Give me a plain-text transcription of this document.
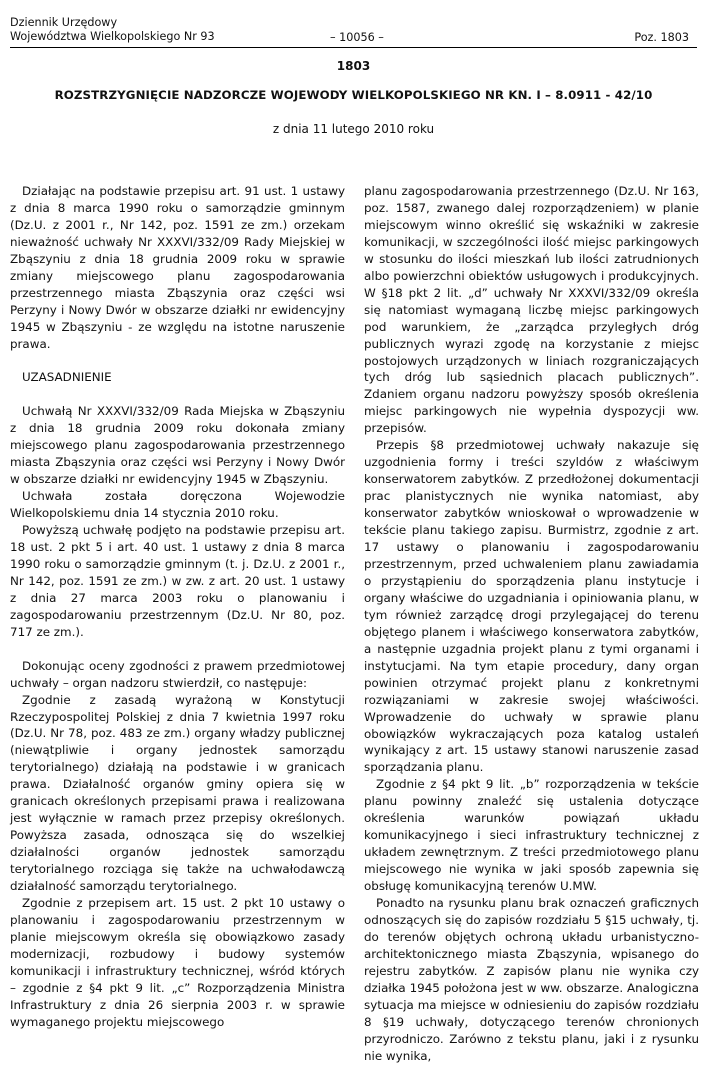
Dziennik Urzędowy
Województwa Wielkopolskiego Nr 93	– 10056 –	Poz. 1803
1803
ROZSTRZYGNIĘCIE NADZORCZE WOJEWODY WIELKOPOLSKIEGO NR KN. I – 8.0911 - 42/10
z dnia 11 lutego 2010 roku

Działając na podstawie przepisu art. 91 ust. 1 ustawy z dnia 8 marca 1990 roku o samorządzie gminnym (Dz.U. z 2001 r., Nr 142, poz. 1591 ze zm.) orzekam nieważność uchwały Nr XXXVI/332/09 Rady Miejskiej w Zbąszyniu z dnia 18 grudnia 2009 roku w sprawie zmiany miejscowego planu zagospodarowania przestrzennego miasta Zbąszynia oraz części wsi Perzyny i Nowy Dwór w obszarze działki nr ewidencyjny 1945 w Zbąszyniu - ze względu na istotne naruszenie prawa.

UZASADNIENIE

Uchwałą Nr XXXVI/332/09 Rada Miejska w Zbąszyniu z dnia 18 grudnia 2009 roku dokonała zmiany miejscowego planu zagospodarowania przestrzennego miasta Zbąszynia oraz części wsi Perzyny i Nowy Dwór w obszarze działki nr ewidencyjny 1945 w Zbąszyniu.

Uchwała została doręczona Wojewodzie Wielkopolskiemu dnia 14 stycznia 2010 roku.

Powyższą uchwałę podjęto na podstawie przepisu art. 18 ust. 2 pkt 5 i art. 40 ust. 1 ustawy z dnia 8 marca 1990 roku o samorządzie gminnym (t. j. Dz.U. z 2001 r., Nr 142, poz. 1591 ze zm.) w zw. z art. 20 ust. 1 ustawy z dnia 27 marca 2003 roku o planowaniu i zagospodarowaniu przestrzennym (Dz.U. Nr 80, poz. 717 ze zm.).

Dokonując oceny zgodności z prawem przedmiotowej uchwały – organ nadzoru stwierdził, co następuje:

Zgodnie z zasadą wyrażoną w Konstytucji Rzeczypospolitej Polskiej z dnia 7 kwietnia 1997 roku (Dz.U. Nr 78, poz. 483 ze zm.) organy władzy publicznej (niewątpliwie i organy jednostek samorządu terytorialnego) działają na podstawie i w granicach prawa. Działalność organów gminy opiera się w granicach określonych przepisami prawa i realizowana jest wyłącznie w ramach przez przepisy określonych. Powyższa zasada, odnosząca się do wszelkiej działalności organów jednostek samorządu terytorialnego rozciąga się także na uchwałodawczą działalność samorządu terytorialnego.

Zgodnie z przepisem art. 15 ust. 2 pkt 10 ustawy o planowaniu i zagospodarowaniu przestrzennym w planie miejscowym określa się obowiązkowo zasady modernizacji, rozbudowy i budowy systemów komunikacji i infrastruktury technicznej, wśród których – zgodnie z §4 pkt 9 lit. „c” Rozporządzenia Ministra Infrastruktury z dnia 26 sierpnia 2003 r. w sprawie wymaganego projektu miejscowego

planu zagospodarowania przestrzennego (Dz.U. Nr 163, poz. 1587, zwanego dalej rozporządzeniem) w planie miejscowym winno określić się wskaźniki w zakresie komunikacji, w szczególności ilość miejsc parkingowych w stosunku do ilości mieszkań lub ilości zatrudnionych albo powierzchni obiektów usługowych i produkcyjnych. W §18 pkt 2 lit. „d” uchwały Nr XXXVI/332/09 określa się natomiast wymaganą liczbę miejsc parkingowych pod warunkiem, że „zarządca przyległych dróg publicznych wyrazi zgodę na korzystanie z miejsc postojowych urządzonych w liniach rozgraniczających tych dróg lub sąsiednich placach publicznych”. Zdaniem organu nadzoru powyższy sposób określenia miejsc parkingowych nie wypełnia dyspozycji ww. przepisów.

Przepis §8 przedmiotowej uchwały nakazuje się uzgodnienia formy i treści szyldów z właściwym konserwatorem zabytków. Z przedłożonej dokumentacji prac planistycznych nie wynika natomiast, aby konserwator zabytków wnioskował o wprowadzenie w tekście planu takiego zapisu. Burmistrz, zgodnie z art. 17 ustawy o planowaniu i zagospodarowaniu przestrzennym, przed uchwaleniem planu zawiadamia o przystąpieniu do sporządzenia planu instytucje i organy właściwe do uzgadniania i opiniowania planu, w tym również zarządcę drogi przylegającej do terenu objętego planem i właściwego konserwatora zabytków, a następnie uzgadnia projekt planu z tymi organami i instytucjami. Na tym etapie procedury, dany organ powinien otrzymać projekt planu z konkretnymi rozwiązaniami w zakresie swojej właściwości. Wprowadzenie do uchwały w sprawie planu obowiązków wykraczających poza katalog ustaleń wynikający z art. 15 ustawy stanowi naruszenie zasad sporządzania planu.

Zgodnie z §4 pkt 9 lit. „b” rozporządzenia w tekście planu powinny znaleźć się ustalenia dotyczące określenia warunków powiązań układu komunikacyjnego i sieci infrastruktury technicznej z układem zewnętrznym. Z treści przedmiotowego planu miejscowego nie wynika w jaki sposób zapewnia się obsługę komunikacyjną terenów U.MW.

Ponadto na rysunku planu brak oznaczeń graficznych odnoszących się do zapisów rozdziału 5 §15 uchwały, tj. do terenów objętych ochroną układu urbanistyczno-architektonicznego miasta Zbąszynia, wpisanego do rejestru zabytków. Z zapisów planu nie wynika czy działka 1945 położona jest w ww. obszarze. Analogiczna sytuacja ma miejsce w odniesieniu do zapisów rozdziału 8 §19 uchwały, dotyczącego terenów chronionych przyrodniczo. Zarówno z tekstu planu, jaki i z rysunku nie wynika,
